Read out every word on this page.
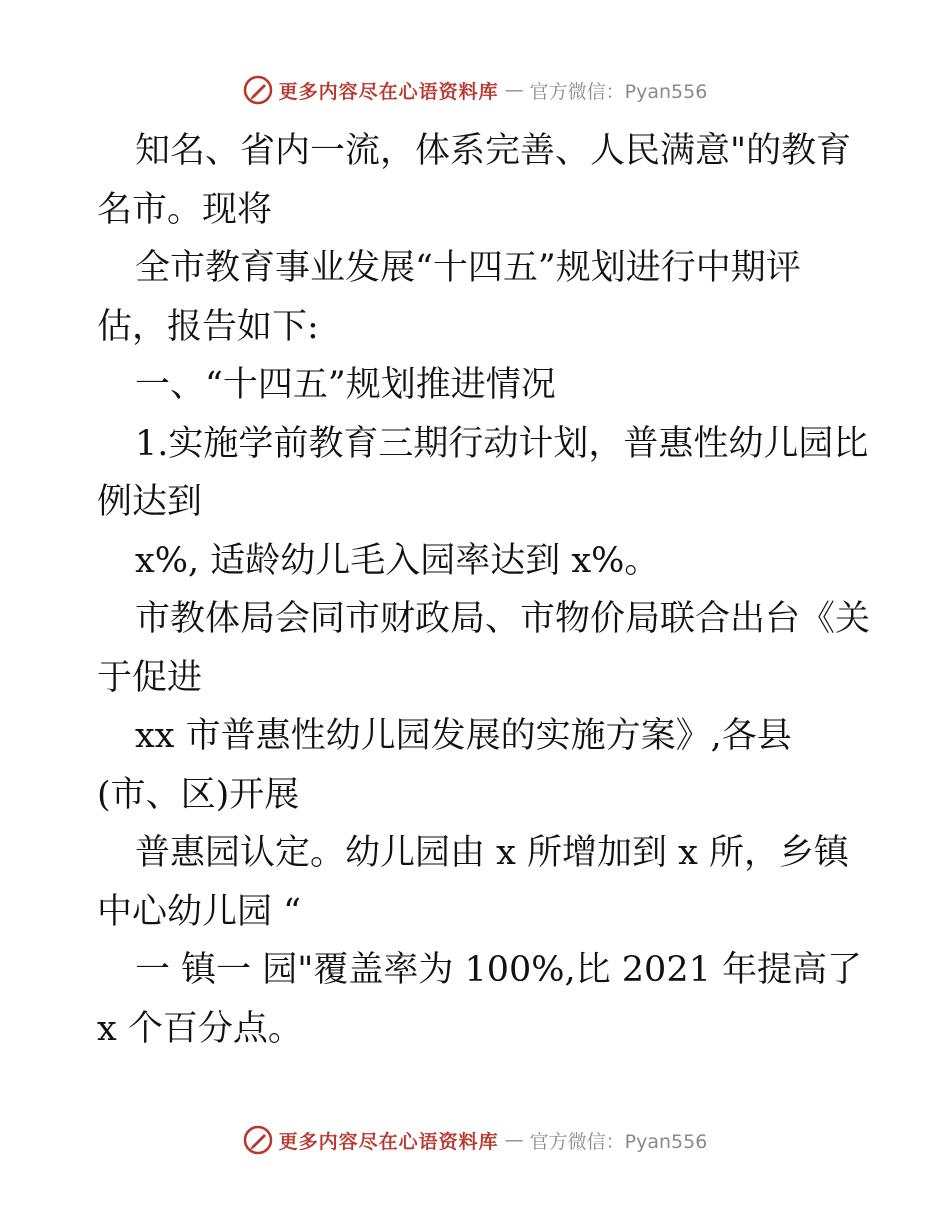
更多内容尽在心语资料库 — 官方微信：Pyan556

知名、省内一流，体系完善、人民满意"的教育

名市。现将

全市教育事业发展“十四五”规划进行中期评

估，报告如下:

一、“十四五”规划推进情况

1.实施学前教育三期行动计划，普惠性幼儿园比

例达到

x%, 适龄幼儿毛入园率达到 x%。

市教体局会同市财政局、市物价局联合出台《关

于促进

xx 市普惠性幼儿园发展的实施方案》,各县

(市、区)开展

普惠园认定。幼儿园由 x 所增加到 x 所，乡镇

中心幼儿园 “

一 镇一 园"覆盖率为 100%,比 2021 年提高了

x 个百分点。

更多内容尽在心语资料库 — 官方微信：Pyan556
